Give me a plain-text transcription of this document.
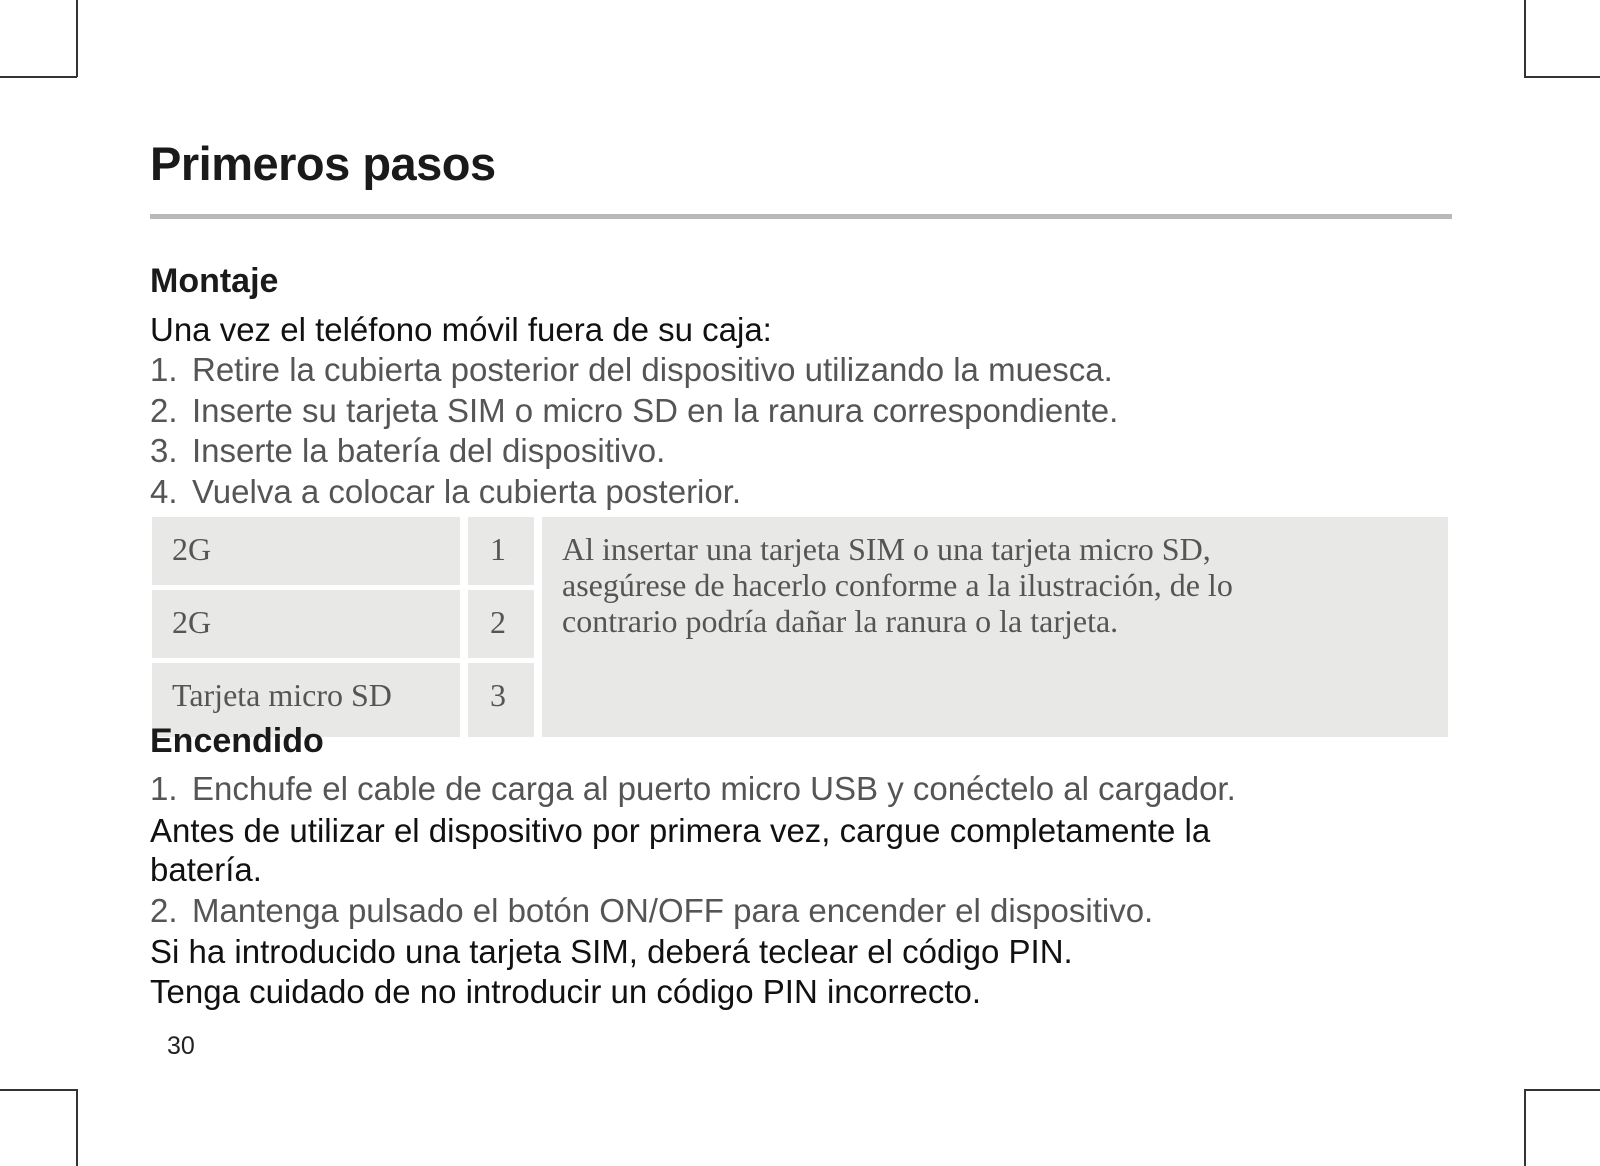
Primeros pasos
Montaje
Una vez el teléfono móvil fuera de su caja:
1. Retire la cubierta posterior del dispositivo utilizando la muesca.
2. Inserte su tarjeta SIM o micro SD en la ranura correspondiente.
3. Inserte la batería del dispositivo.
4. Vuelva a colocar la cubierta posterior.
2G	1
2G	2
Tarjeta micro SD	3
Al insertar una tarjeta SIM o una tarjeta micro SD,
asegúrese de hacerlo conforme a la ilustración, de lo
contrario podría dañar la ranura o la tarjeta.
Encendido
1. Enchufe el cable de carga al puerto micro USB y conéctelo al cargador.
Antes de utilizar el dispositivo por primera vez, cargue completamente la
batería.
2. Mantenga pulsado el botón ON/OFF para encender el dispositivo.
Si ha introducido una tarjeta SIM, deberá teclear el código PIN.
Tenga cuidado de no introducir un código PIN incorrecto.
30
